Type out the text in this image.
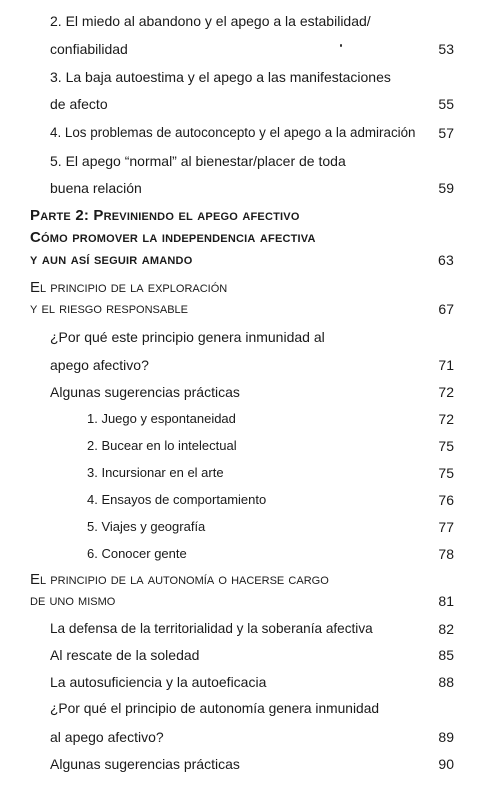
2. El miedo al abandono y el apego a la estabilidad/
confiabilidad	53
3. La baja autoestima y el apego a las manifestaciones
de afecto	55
4. Los problemas de autoconcepto y el apego a la admiración 57
5. El apego “normal” al bienestar/placer de toda
buena relación	59
Parte 2: Previniendo el apego afectivo
Cómo promover la independencia afectiva
y aun así seguir amando	63
El principio de la exploración
y el riesgo responsable	67
¿Por qué este principio genera inmunidad al
apego afectivo?	71
Algunas sugerencias prácticas	72
1. Juego y espontaneidad	72
2. Bucear en lo intelectual	75
3. Incursionar en el arte	75
4. Ensayos de comportamiento	76
5. Viajes y geografía	77
6. Conocer gente	78
El principio de la autonomía o hacerse cargo
de uno mismo	81
La defensa de la territorialidad y la soberanía afectiva	82
Al rescate de la soledad	85
La autosuficiencia y la autoeficacia	88
¿Por qué el principio de autonomía genera inmunidad
al apego afectivo?	89
Algunas sugerencias prácticas	90
